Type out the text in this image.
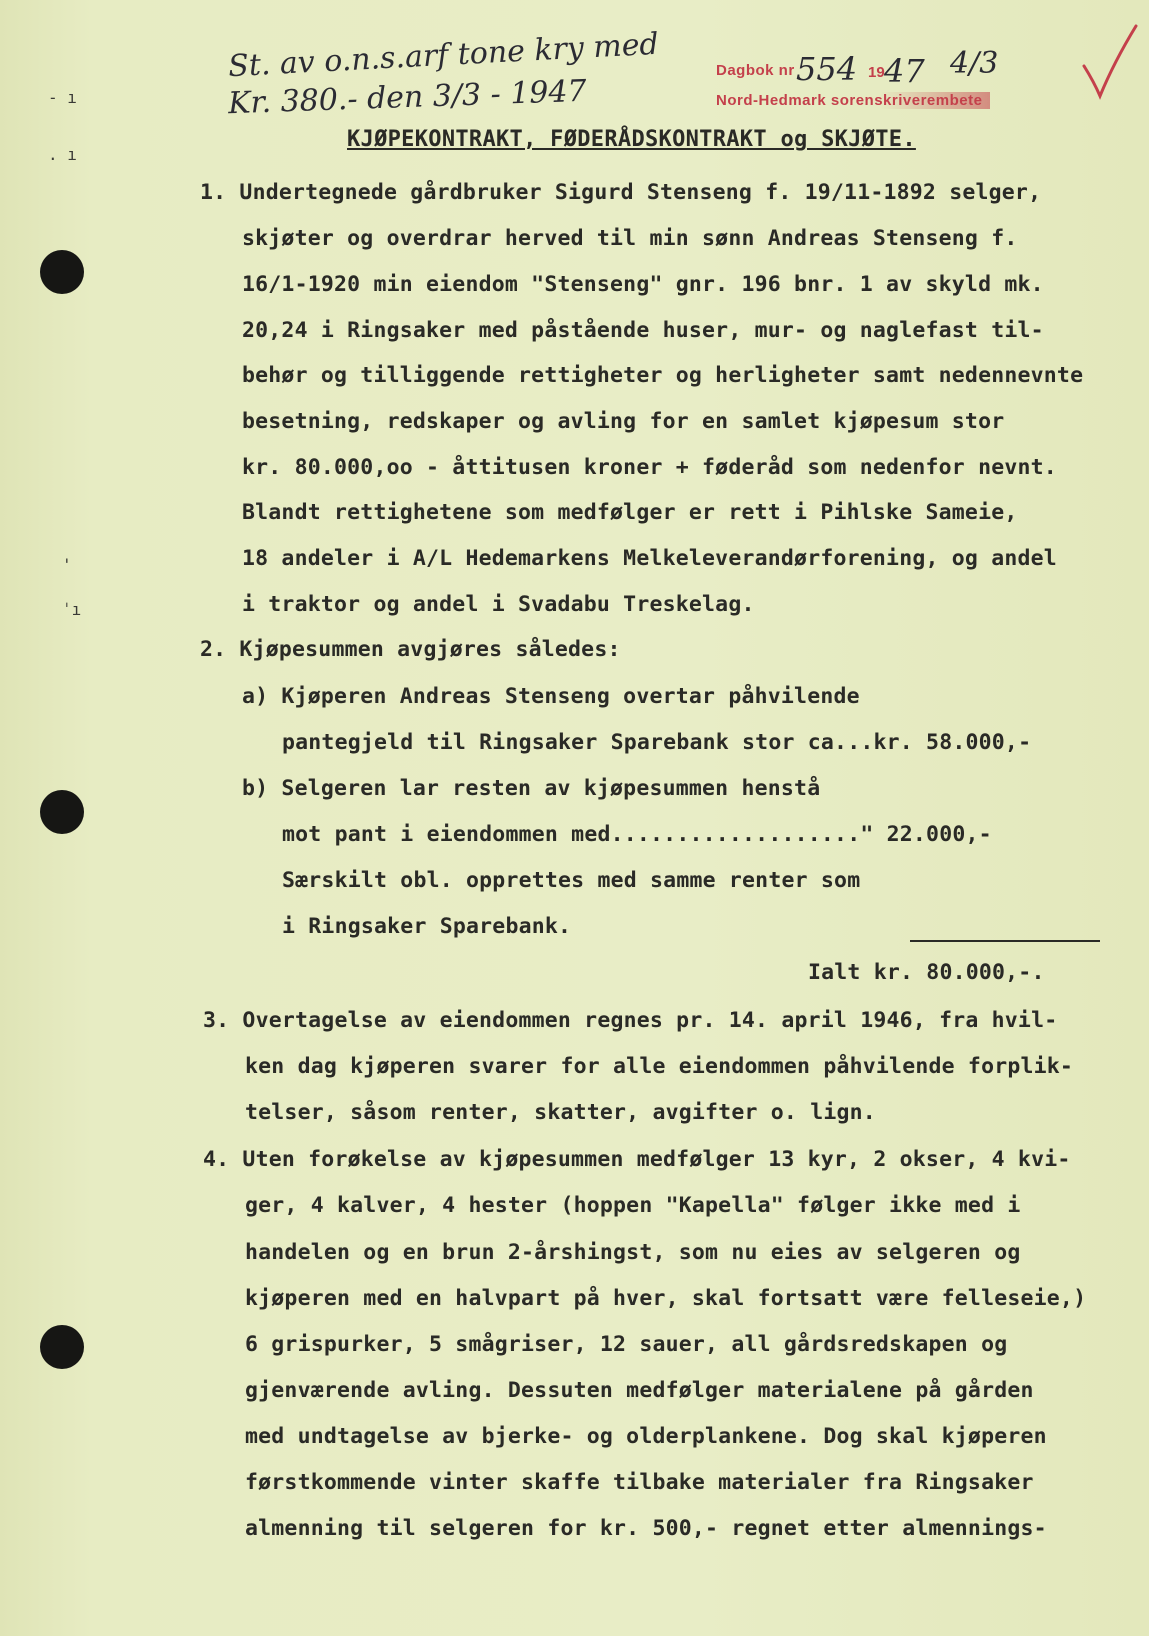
- ı
. ı
'
ˈı
St. av o.n.s.arf tone kry med
Kr. 380.- den 3/3 - 1947
Dagbok nr 554 19 47 4/3
Nord-Hedmark sorenskriverembete
KJØPEKONTRAKT, FØDERÅDSKONTRAKT og SKJØTE.
1. Undertegnede gårdbruker Sigurd Stenseng f. 19/11-1892 selger,
skjøter og overdrar herved til min sønn Andreas Stenseng f.
16/1-1920 min eiendom "Stenseng" gnr. 196 bnr. 1 av skyld mk.
20,24 i Ringsaker med påstående huser, mur- og naglefast til-
behør og tilliggende rettigheter og herligheter samt nedennevnte
besetning, redskaper og avling for en samlet kjøpesum stor
kr. 80.000,oo - åttitusen kroner + føderåd som nedenfor nevnt.
Blandt rettighetene som medfølger er rett i Pihlske Sameie,
18 andeler i A/L Hedemarkens Melkeleverandørforening, og andel
i traktor og andel i Svadabu Treskelag.
2. Kjøpesummen avgjøres således:
a) Kjøperen Andreas Stenseng overtar påhvilende
pantegjeld til Ringsaker Sparebank stor ca...kr. 58.000,-
b) Selgeren lar resten av kjøpesummen henstå
mot pant i eiendommen med..................." 22.000,-
Særskilt obl. opprettes med samme renter som
i Ringsaker Sparebank.
Ialt kr. 80.000,-.
3. Overtagelse av eiendommen regnes pr. 14. april 1946, fra hvil-
ken dag kjøperen svarer for alle eiendommen påhvilende forplik-
telser, såsom renter, skatter, avgifter o. lign.
4. Uten forøkelse av kjøpesummen medfølger 13 kyr, 2 okser, 4 kvi-
ger, 4 kalver, 4 hester (hoppen "Kapella" følger ikke med i
handelen og en brun 2-årshingst, som nu eies av selgeren og
kjøperen med en halvpart på hver, skal fortsatt være felleseie,)
6 grispurker, 5 smågriser, 12 sauer, all gårdsredskapen og
gjenværende avling. Dessuten medfølger materialene på gården
med undtagelse av bjerke- og olderplankene. Dog skal kjøperen
førstkommende vinter skaffe tilbake materialer fra Ringsaker
almenning til selgeren for kr. 500,- regnet etter almennings-
